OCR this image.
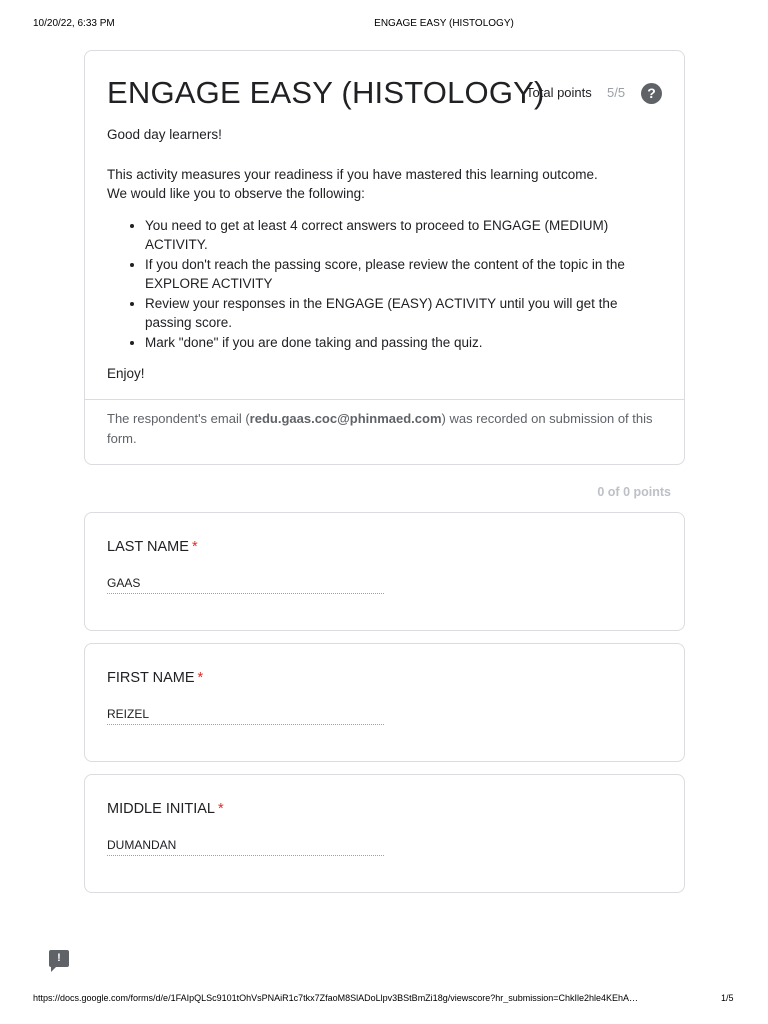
10/20/22, 6:33 PM	ENGAGE EASY (HISTOLOGY)
ENGAGE EASY (HISTOLOGY)
Total points 5/5	?

Good day learners!

This activity measures your readiness if you have mastered this learning outcome.

We would like you to observe the following:

• You need to get at least 4 correct answers to proceed to ENGAGE (MEDIUM) ACTIVITY.
• If you don't reach the passing score, please review the content of the topic in the EXPLORE ACTIVITY
• Review your responses in the ENGAGE (EASY) ACTIVITY until you will get the passing score.
• Mark "done" if you are done taking and passing the quiz.

Enjoy!

The respondent's email (redu.gaas.coc@phinmaed.com) was recorded on submission of this form.
0 of 0 points
LAST NAME *
GAAS
FIRST NAME *
REIZEL
MIDDLE INITIAL *
DUMANDAN
!
https://docs.google.com/forms/d/e/1FAIpQLSc9101tOhVsPNAiR1c7tkx7ZfaoM8SlADoLlpv3BStBmZi18g/viewscore?hr_submission=ChkIle2hle4KEhA…	1/5
